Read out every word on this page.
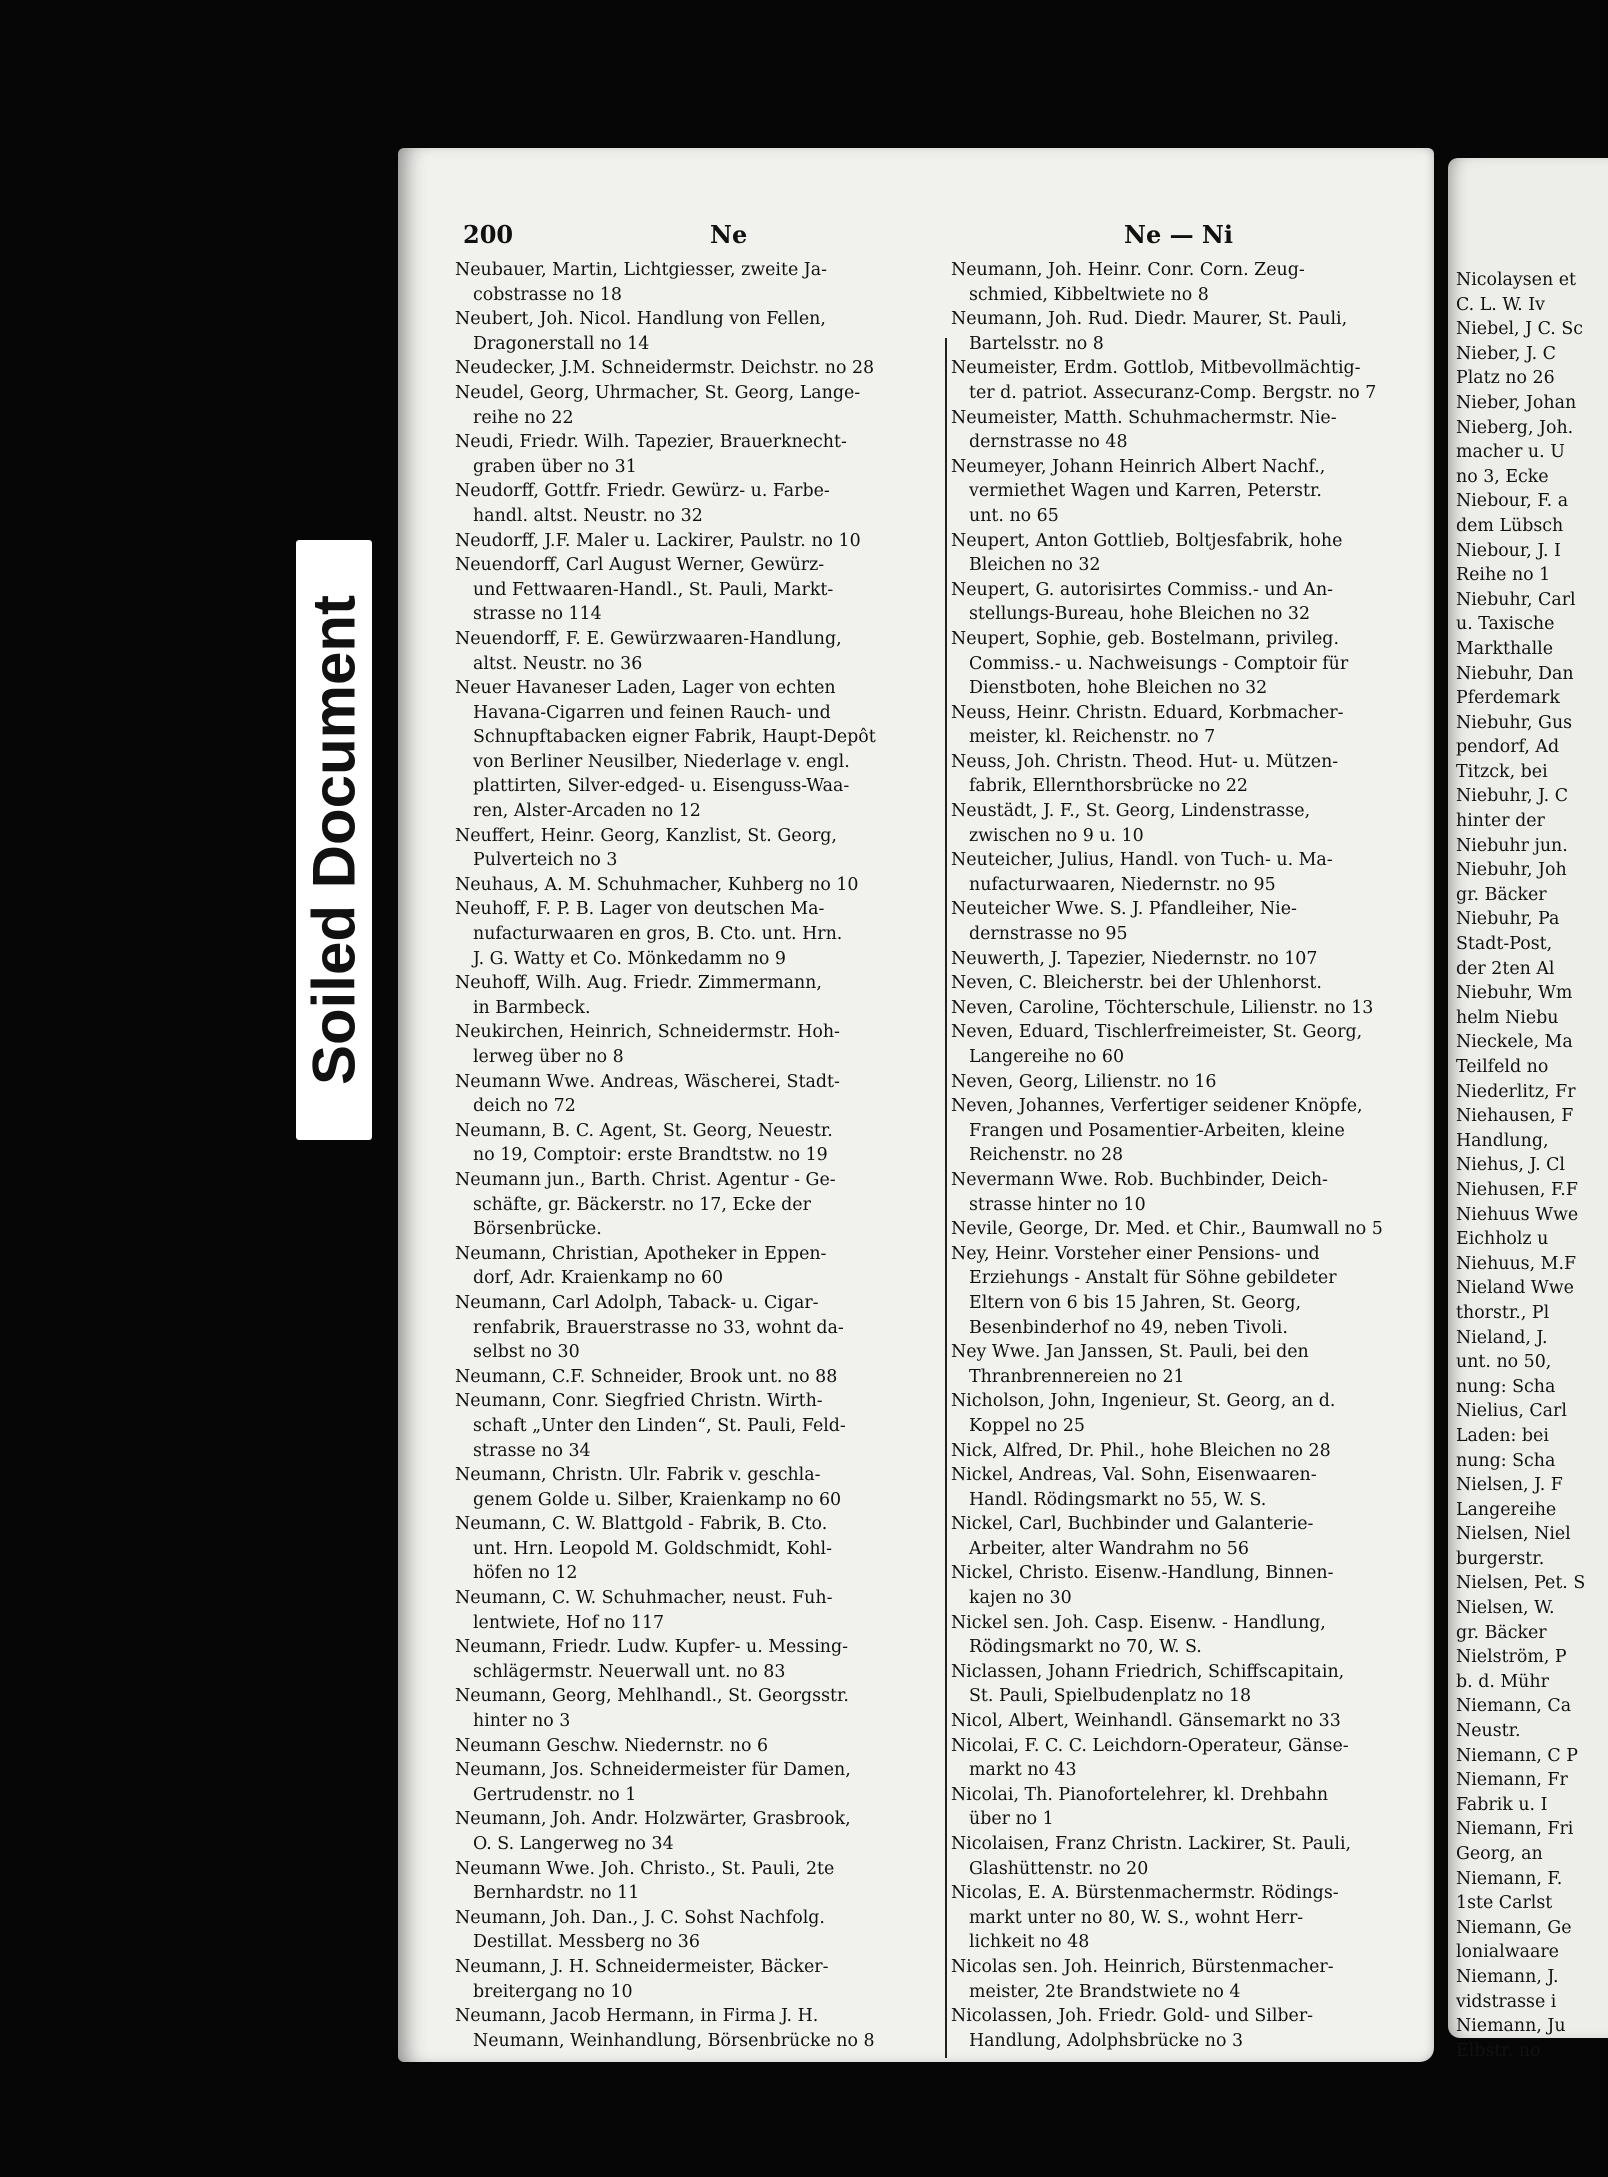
Soiled Document
200	Ne	Ne — Ni
Neubauer, Martin, Lichtgiesser, zweite Ja-
cobstrasse no 18
Neubert, Joh. Nicol. Handlung von Fellen,
Dragonerstall no 14
Neudecker, J.M. Schneidermstr. Deichstr. no 28
Neudel, Georg, Uhrmacher, St. Georg, Lange-
reihe no 22
Neudi, Friedr. Wilh. Tapezier, Brauerknecht-
graben über no 31
Neudorff, Gottfr. Friedr. Gewürz- u. Farbe-
handl. altst. Neustr. no 32
Neudorff, J.F. Maler u. Lackirer, Paulstr. no 10
Neuendorff, Carl August Werner, Gewürz-
und Fettwaaren-Handl., St. Pauli, Markt-
strasse no 114
Neuendorff, F. E. Gewürzwaaren-Handlung,
altst. Neustr. no 36
Neuer Havaneser Laden, Lager von echten
Havana-Cigarren und feinen Rauch- und
Schnupftabacken eigner Fabrik, Haupt-Depôt
von Berliner Neusilber, Niederlage v. engl.
plattirten, Silver-edged- u. Eisenguss-Waa-
ren, Alster-Arcaden no 12
Neuffert, Heinr. Georg, Kanzlist, St. Georg,
Pulverteich no 3
Neuhaus, A. M. Schuhmacher, Kuhberg no 10
Neuhoff, F. P. B. Lager von deutschen Ma-
nufacturwaaren en gros, B. Cto. unt. Hrn.
J. G. Watty et Co. Mönkedamm no 9
Neuhoff, Wilh. Aug. Friedr. Zimmermann,
in Barmbeck.
Neukirchen, Heinrich, Schneidermstr. Hoh-
lerweg über no 8
Neumann Wwe. Andreas, Wäscherei, Stadt-
deich no 72
Neumann, B. C. Agent, St. Georg, Neuestr.
no 19, Comptoir: erste Brandtstw. no 19
Neumann jun., Barth. Christ. Agentur - Ge-
schäfte, gr. Bäckerstr. no 17, Ecke der
Börsenbrücke.
Neumann, Christian, Apotheker in Eppen-
dorf, Adr. Kraienkamp no 60
Neumann, Carl Adolph, Taback- u. Cigar-
renfabrik, Brauerstrasse no 33, wohnt da-
selbst no 30
Neumann, C.F. Schneider, Brook unt. no 88
Neumann, Conr. Siegfried Christn. Wirth-
schaft „Unter den Linden“, St. Pauli, Feld-
strasse no 34
Neumann, Christn. Ulr. Fabrik v. geschla-
genem Golde u. Silber, Kraienkamp no 60
Neumann, C. W. Blattgold - Fabrik, B. Cto.
unt. Hrn. Leopold M. Goldschmidt, Kohl-
höfen no 12
Neumann, C. W. Schuhmacher, neust. Fuh-
lentwiete, Hof no 117
Neumann, Friedr. Ludw. Kupfer- u. Messing-
schlägermstr. Neuerwall unt. no 83
Neumann, Georg, Mehlhandl., St. Georgsstr.
hinter no 3
Neumann Geschw. Niedernstr. no 6
Neumann, Jos. Schneidermeister für Damen,
Gertrudenstr. no 1
Neumann, Joh. Andr. Holzwärter, Grasbrook,
O. S. Langerweg no 34
Neumann Wwe. Joh. Christo., St. Pauli, 2te
Bernhardstr. no 11
Neumann, Joh. Dan., J. C. Sohst Nachfolg.
Destillat. Messberg no 36
Neumann, J. H. Schneidermeister, Bäcker-
breitergang no 10
Neumann, Jacob Hermann, in Firma J. H.
Neumann, Weinhandlung, Börsenbrücke no 8
Neumann, Joh. Heinr. Conr. Corn. Zeug-
schmied, Kibbeltwiete no 8
Neumann, Joh. Rud. Diedr. Maurer, St. Pauli,
Bartelsstr. no 8
Neumeister, Erdm. Gottlob, Mitbevollmächtig-
ter d. patriot. Assecuranz-Comp. Bergstr. no 7
Neumeister, Matth. Schuhmachermstr. Nie-
dernstrasse no 48
Neumeyer, Johann Heinrich Albert Nachf.,
vermiethet Wagen und Karren, Peterstr.
unt. no 65
Neupert, Anton Gottlieb, Boltjesfabrik, hohe
Bleichen no 32
Neupert, G. autorisirtes Commiss.- und An-
stellungs-Bureau, hohe Bleichen no 32
Neupert, Sophie, geb. Bostelmann, privileg.
Commiss.- u. Nachweisungs - Comptoir für
Dienstboten, hohe Bleichen no 32
Neuss, Heinr. Christn. Eduard, Korbmacher-
meister, kl. Reichenstr. no 7
Neuss, Joh. Christn. Theod. Hut- u. Mützen-
fabrik, Ellernthorsbrücke no 22
Neustädt, J. F., St. Georg, Lindenstrasse,
zwischen no 9 u. 10
Neuteicher, Julius, Handl. von Tuch- u. Ma-
nufacturwaaren, Niedernstr. no 95
Neuteicher Wwe. S. J. Pfandleiher, Nie-
dernstrasse no 95
Neuwerth, J. Tapezier, Niedernstr. no 107
Neven, C. Bleicherstr. bei der Uhlenhorst.
Neven, Caroline, Töchterschule, Lilienstr. no 13
Neven, Eduard, Tischlerfreimeister, St. Georg,
Langereihe no 60
Neven, Georg, Lilienstr. no 16
Neven, Johannes, Verfertiger seidener Knöpfe,
Frangen und Posamentier-Arbeiten, kleine
Reichenstr. no 28
Nevermann Wwe. Rob. Buchbinder, Deich-
strasse hinter no 10
Nevile, George, Dr. Med. et Chir., Baumwall no 5
Ney, Heinr. Vorsteher einer Pensions- und
Erziehungs - Anstalt für Söhne gebildeter
Eltern von 6 bis 15 Jahren, St. Georg,
Besenbinderhof no 49, neben Tivoli.
Ney Wwe. Jan Janssen, St. Pauli, bei den
Thranbrennereien no 21
Nicholson, John, Ingenieur, St. Georg, an d.
Koppel no 25
Nick, Alfred, Dr. Phil., hohe Bleichen no 28
Nickel, Andreas, Val. Sohn, Eisenwaaren-
Handl. Rödingsmarkt no 55, W. S.
Nickel, Carl, Buchbinder und Galanterie-
Arbeiter, alter Wandrahm no 56
Nickel, Christo. Eisenw.-Handlung, Binnen-
kajen no 30
Nickel sen. Joh. Casp. Eisenw. - Handlung,
Rödingsmarkt no 70, W. S.
Niclassen, Johann Friedrich, Schiffscapitain,
St. Pauli, Spielbudenplatz no 18
Nicol, Albert, Weinhandl. Gänsemarkt no 33
Nicolai, F. C. C. Leichdorn-Operateur, Gänse-
markt no 43
Nicolai, Th. Pianofortelehrer, kl. Drehbahn
über no 1
Nicolaisen, Franz Christn. Lackirer, St. Pauli,
Glashüttenstr. no 20
Nicolas, E. A. Bürstenmachermstr. Rödings-
markt unter no 80, W. S., wohnt Herr-
lichkeit no 48
Nicolas sen. Joh. Heinrich, Bürstenmacher-
meister, 2te Brandstwiete no 4
Nicolassen, Joh. Friedr. Gold- und Silber-
Handlung, Adolphsbrücke no 3
Nicolaysen et
C. L. W. Iv
Niebel, J C. Sc
Nieber, J. C
Platz no 26
Nieber, Johan
Nieberg, Joh.
macher u. U
no 3, Ecke
Niebour, F. a
dem Lübsch
Niebour, J. I
Reihe no 1
Niebuhr, Carl
u. Taxische
Markthalle
Niebuhr, Dan
Pferdemark
Niebuhr, Gus
pendorf, Ad
Titzck, bei
Niebuhr, J. C
hinter der
Niebuhr jun.
Niebuhr, Joh
gr. Bäcker
Niebuhr, Pa
Stadt-Post,
der 2ten Al
Niebuhr, Wm
helm Niebu
Nieckele, Ma
Teilfeld no
Niederlitz, Fr
Niehausen, F
Handlung,
Niehus, J. Cl
Niehusen, F.F
Niehuus Wwe
Eichholz u
Niehuus, M.F
Nieland Wwe
thorstr., Pl
Nieland, J.
unt. no 50,
nung: Scha
Nielius, Carl
Laden: bei
nung: Scha
Nielsen, J. F
Langereihe
Nielsen, Niel
burgerstr.
Nielsen, Pet. S
Nielsen, W.
gr. Bäcker
Nielström, P
b. d. Mühr
Niemann, Ca
Neustr.
Niemann, C P
Niemann, Fr
Fabrik u. I
Niemann, Fri
Georg, an
Niemann, F.
1ste Carlst
Niemann, Ge
lonialwaare
Niemann, J.
vidstrasse i
Niemann, Ju
Elbstr. no
